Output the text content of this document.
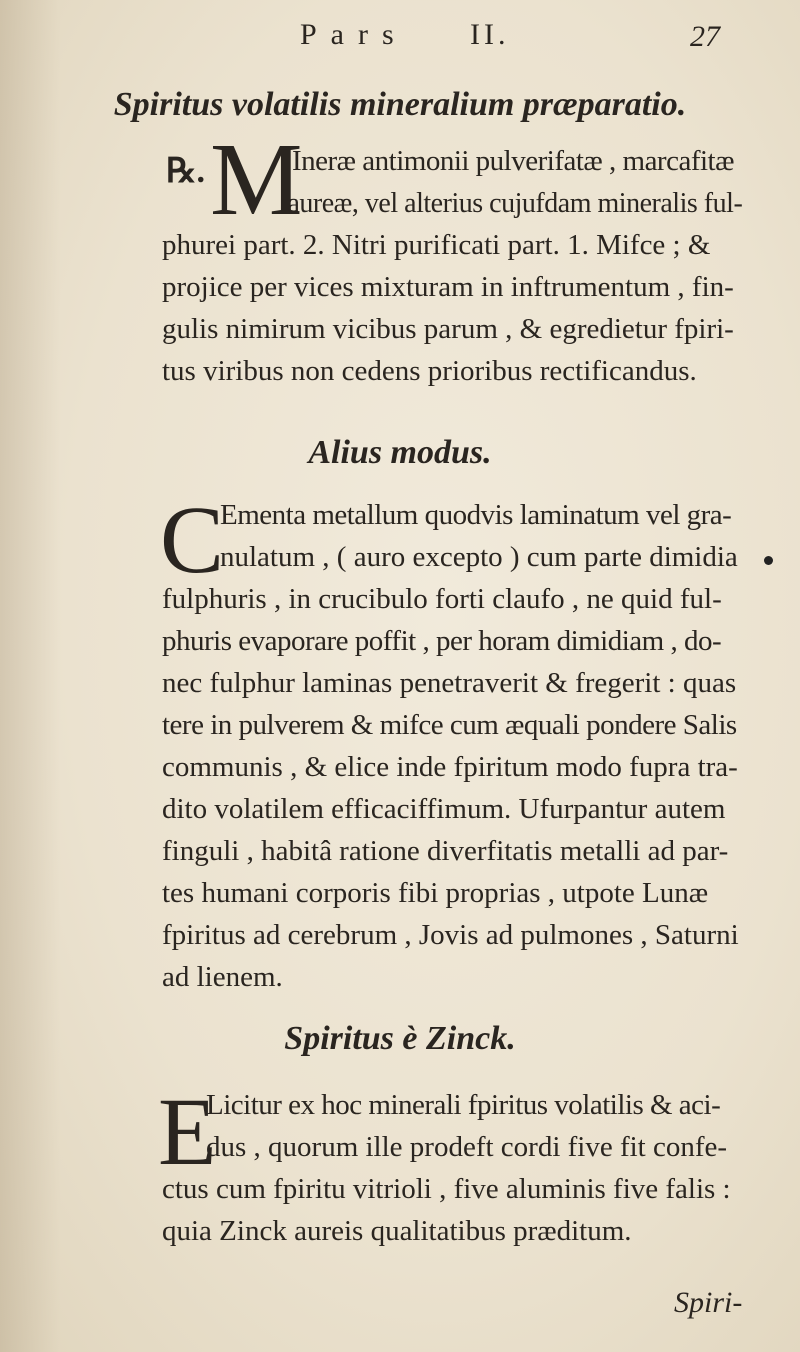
Pars II.	27
Spiritus volatilis mineralium præparatio.
℞. M
Ineræ antimonii pulverifatæ , marcafitæ
aureæ, vel alterius cujufdam mineralis ful-
phurei part. 2. Nitri purificati part. 1. Mifce ; &
projice per vices mixturam in inftrumentum , fin-
gulis nimirum vicibus parum , & egredietur fpiri-
tus viribus non cedens prioribus rectificandus.
Alius modus.
C
Ementa metallum quodvis laminatum vel gra-
nulatum , ( auro excepto ) cum parte dimidia
fulphuris , in crucibulo forti claufo , ne quid ful-
phuris evaporare poffit , per horam dimidiam , do-
nec fulphur laminas penetraverit & fregerit : quas
tere in pulverem & mifce cum æquali pondere Salis
communis , & elice inde fpiritum modo fupra tra-
dito volatilem efficaciffimum. Ufurpantur autem
finguli , habitâ ratione diverfitatis metalli ad par-
tes humani corporis fibi proprias , utpote Lunæ
fpiritus ad cerebrum , Jovis ad pulmones , Saturni
ad lienem.
Spiritus è Zinck.
E
Licitur ex hoc minerali fpiritus volatilis & aci-
dus , quorum ille prodeft cordi five fit confe-
ctus cum fpiritu vitrioli , five aluminis five falis :
quia Zinck aureis qualitatibus præditum.
Spiri-
